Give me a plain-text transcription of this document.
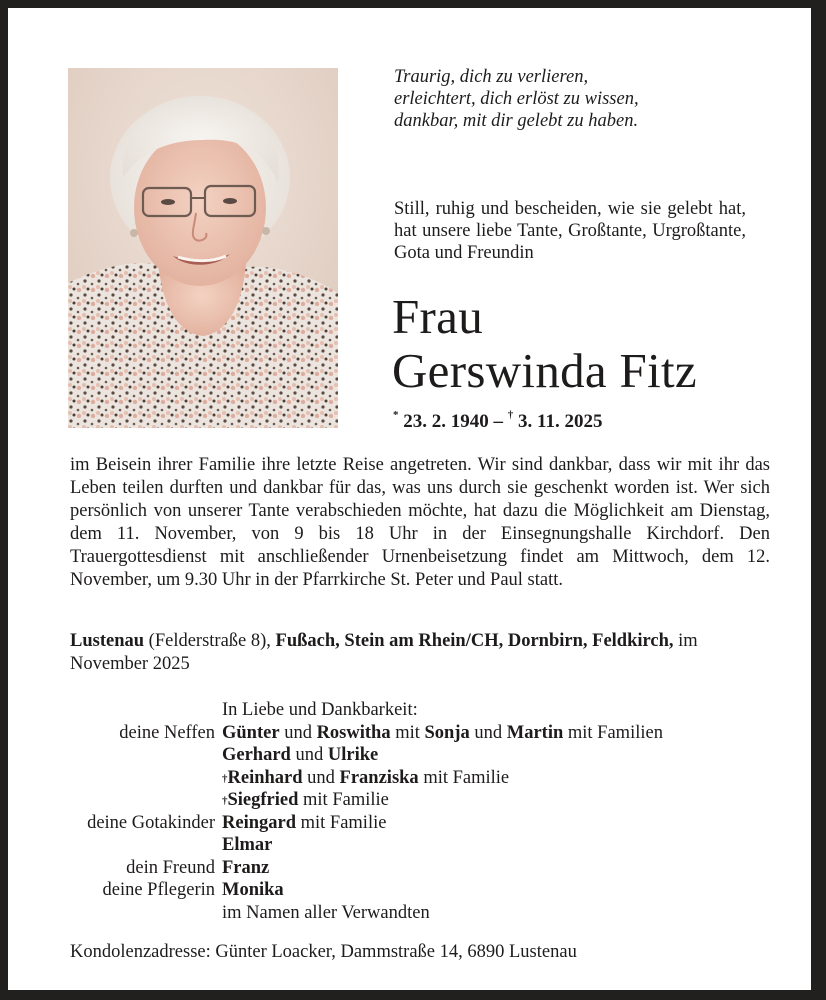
Traurig, dich zu verlieren,
erleichtert, dich erlöst zu wissen,
dankbar, mit dir gelebt zu haben.
Still, ruhig und bescheiden, wie sie gelebt hat, hat unsere liebe Tante, Großtante, Urgroßtante, Gota und Freundin
Frau
Gerswinda Fitz
* 23. 2. 1940 – † 3. 11. 2025
im Beisein ihrer Familie ihre letzte Reise angetreten. Wir sind dankbar, dass wir mit ihr das Leben teilen durften und dankbar für das, was uns durch sie geschenkt worden ist. Wer sich persönlich von unserer Tante verabschieden möchte, hat dazu die Möglichkeit am Dienstag, dem 11. November, von 9 bis 18 Uhr in der Einsegnungshalle Kirchdorf. Den Trauergottesdienst mit anschließender Urnenbeisetzung findet am Mittwoch, dem 12. November, um 9.30 Uhr in der Pfarrkirche St. Peter und Paul statt.
Lustenau (Felderstraße 8), Fußach, Stein am Rhein/CH, Dornbirn, Feldkirch, im November 2025
In Liebe und Dankbarkeit:
deine Neffen Günter und Roswitha mit Sonja und Martin mit Familien
Gerhard und Ulrike
†Reinhard und Franziska mit Familie
†Siegfried mit Familie
deine Gotakinder Reingard mit Familie
Elmar
dein Freund Franz
deine Pflegerin Monika
im Namen aller Verwandten
Kondolenzadresse: Günter Loacker, Dammstraße 14, 6890 Lustenau
